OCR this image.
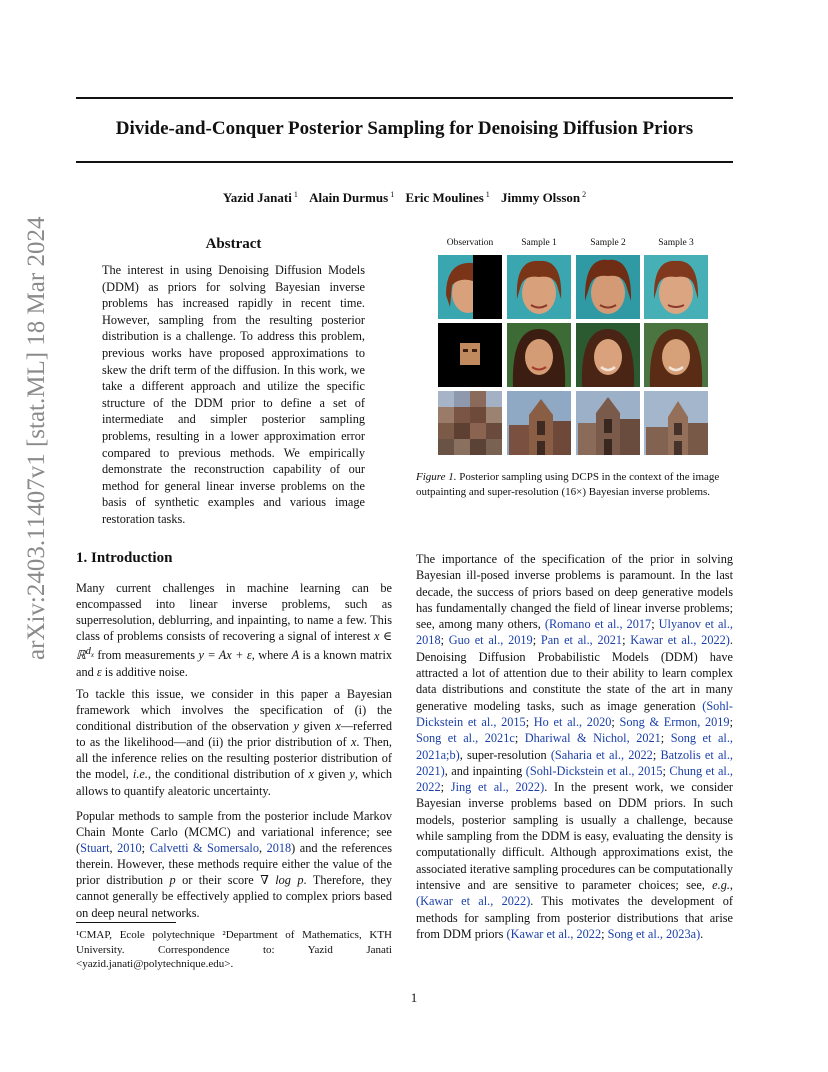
Divide-and-Conquer Posterior Sampling for Denoising Diffusion Priors
Yazid Janati $^1$ Alain Durmus $^1$ Eric Moulines $^1$ Jimmy Olsson $^2$
arXiv:2403.11407v1 [stat.ML] 18 Mar 2024	Abstract

The interest in using Denoising Diffusion Models (DDM) as priors for solving Bayesian inverse problems has increased rapidly in recent time. However, sampling from the resulting posterior distribution is a challenge. To address this problem, previous works have proposed approximations to skew the drift term of the diffusion. In this work, we take a different approach and utilize the specific structure of the DDM prior to define a set of intermediate and simpler posterior sampling problems, resulting in a lower approximation error compared to previous methods. We empirically demonstrate the reconstruction capability of our method for general linear inverse problems on the basis of synthetic examples and various image restoration tasks.

Observation	Sample 1	Sample 2	Sample 3

Figure 1. Posterior sampling using DCPS in the context of the image outpainting and super-resolution (16×) Bayesian inverse problems.

1. Introduction

Many current challenges in machine learning can be encompassed into linear inverse problems, such as superresolution, deblurring, and inpainting, to name a few. This class of problems consists of recovering a signal of interest x ∈ ℝ$^{d_x}$ from measurements y = Ax + ε, where A is a known matrix and ε is additive noise.

To tackle this issue, we consider in this paper a Bayesian framework which involves the specification of (i) the conditional distribution of the observation y given x—referred to as the likelihood—and (ii) the prior distribution of x. Then, all the inference relies on the resulting posterior distribution of the model, i.e., the conditional distribution of x given y, which allows to quantify aleatoric uncertainty.

Popular methods to sample from the posterior include Markov Chain Monte Carlo (MCMC) and variational inference; see (Stuart, 2010; Calvetti & Somersalo, 2018) and the references therein. However, these methods require either the value of the prior distribution p or their score ∇ log p. Therefore, they cannot generally be effectively applied to complex priors based on deep neural networks.

¹CMAP, Ecole polytechnique ²Department of Mathematics, KTH University. Correspondence to: Yazid Janati <yazid.janati@polytechnique.edu>.

The importance of the specification of the prior in solving Bayesian ill-posed inverse problems is paramount. In the last decade, the success of priors based on deep generative models has fundamentally changed the field of linear inverse problems; see, among many others, (Romano et al., 2017; Ulyanov et al., 2018; Guo et al., 2019; Pan et al., 2021; Kawar et al., 2022). Denoising Diffusion Probabilistic Models (DDM) have attracted a lot of attention due to their ability to learn complex data distributions and constitute the state of the art in many generative modeling tasks, such as image generation (Sohl-Dickstein et al., 2015; Ho et al., 2020; Song & Ermon, 2019; Song et al., 2021c; Dhariwal & Nichol, 2021; Song et al., 2021a;b), super-resolution (Saharia et al., 2022; Batzolis et al., 2021), and inpainting (Sohl-Dickstein et al., 2015; Chung et al., 2022; Jing et al., 2022). In the present work, we consider Bayesian inverse problems based on DDM priors. In such models, posterior sampling is usually a challenge, because while sampling from the DDM is easy, evaluating the density is computationally difficult. Although approximations exist, the associated iterative sampling procedures can be computationally intensive and are sensitive to parameter choices; see, e.g., (Kawar et al., 2022). This motivates the development of methods for sampling from posterior distributions that arise from DDM priors (Kawar et al., 2022; Song et al., 2023a).

1
